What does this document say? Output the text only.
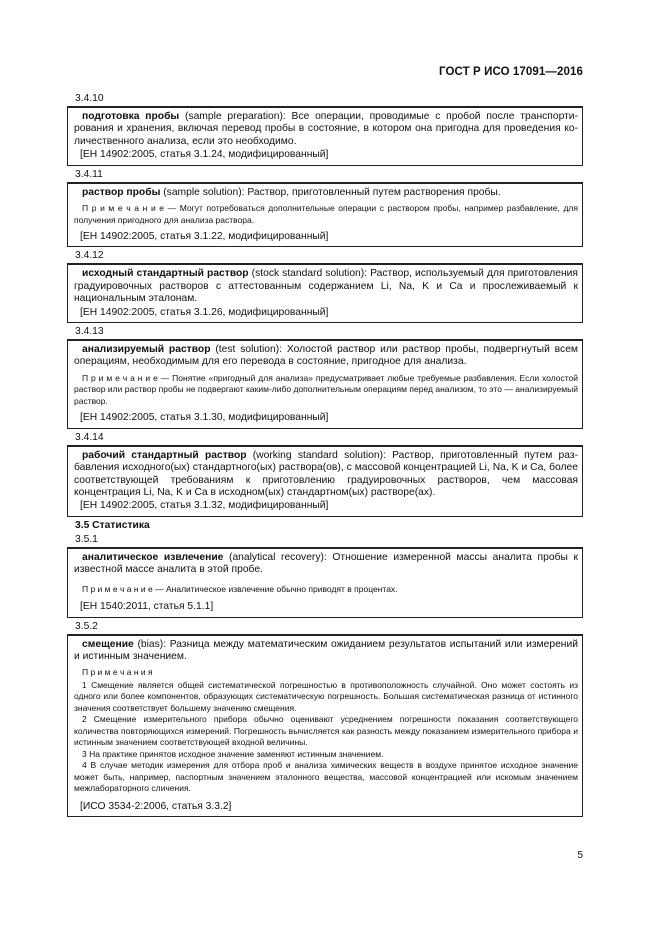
ГОСТ Р ИСО 17091—2016
3.4.10
подготовка пробы (sample preparation): Все операции, проводимые с пробой после транспортирования и хранения, включая перевод пробы в состояние, в котором она пригодна для проведения количественного анализа, если это необходимо.
[ЕН 14902:2005, статья 3.1.24, модифицированный]
3.4.11
раствор пробы (sample solution): Раствор, приготовленный путем растворения пробы.
П р и м е ч а н и е — Могут потребоваться дополнительные операции с раствором пробы, например разбавление, для получения пригодного для анализа раствора.
[ЕН 14902:2005, статья 3.1.22, модифицированный]
3.4.12
исходный стандартный раствор (stock standard solution): Раствор, используемый для приготовления градуировочных растворов с аттестованным содержанием Li, Na, K и Ca и прослеживаемый к национальным эталонам.
[ЕН 14902:2005, статья 3.1.26, модифицированный]
3.4.13
анализируемый раствор (test solution): Холостой раствор или раствор пробы, подвергнутый всем операциям, необходимым для его перевода в состояние, пригодное для анализа.
П р и м е ч а н и е — Понятие «пригодный для анализа» предусматривает любые требуемые разбавления. Если холостой раствор или раствор пробы не подвергают каким-либо дополнительным операциям перед анализом, то это — анализируемый раствор.
[ЕН 14902:2005, статья 3.1.30, модифицированный]
3.4.14
рабочий стандартный раствор (working standard solution): Раствор, приготовленный путем разбавления исходного(ых) стандартного(ых) раствора(ов), с массовой концентрацией Li, Na, K и Ca, более соответствующей требованиям к приготовлению градуировочных растворов, чем массовая концентрация Li, Na, K и Ca в исходном(ых) стандартном(ых) растворе(ах).
[ЕН 14902:2005, статья 3.1.32, модифицированный]
3.5 Статистика
3.5.1
аналитическое извлечение (analytical recovery): Отношение измеренной массы аналита пробы к известной массе аналита в этой пробе.
П р и м е ч а н и е — Аналитическое извлечение обычно приводят в процентах.
[ЕН 1540:2011, статья 5.1.1]
3.5.2
смещение (bias): Разница между математическим ожиданием результатов испытаний или измерений и истинным значением.
П р и м е ч а н и я
1 Смещение является общей систематической погрешностью в противоположность случайной. Оно может состоять из одного или более компонентов, образующих систематическую погрешность. Большая систематическая разница от истинного значения соответствует большему значению смещения.
2 Смещение измерительного прибора обычно оценивают усреднением погрешности показания соответствующего количества повторяющихся измерений. Погрешность вычисляется как разность между показанием измерительного прибора и истинным значением соответствующей входной величины.
3 На практике принятов исходное значение заменяют истинным значением.
4 В случае методик измерения для отбора проб и анализа химических веществ в воздухе принятое исходное значение может быть, например, паспортным значением эталонного вещества, массовой концентрацией или искомым значением межлабораторного сличения.
[ИСО 3534-2:2006, статья 3.3.2]
5
